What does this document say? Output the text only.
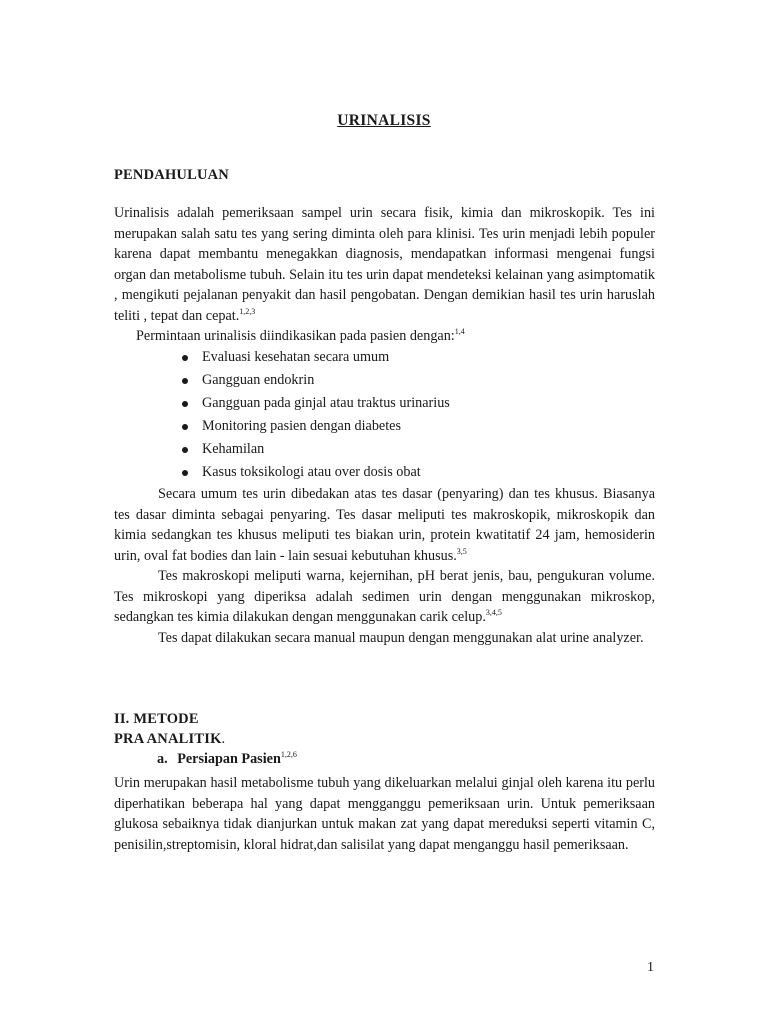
URINALISIS
PENDAHULUAN

Urinalisis adalah pemeriksaan sampel urin secara fisik, kimia dan mikroskopik. Tes ini merupakan salah satu tes yang sering diminta oleh para klinisi. Tes urin menjadi lebih populer karena dapat membantu menegakkan diagnosis, mendapatkan informasi mengenai fungsi organ dan metabolisme tubuh. Selain itu tes urin dapat mendeteksi kelainan yang asimptomatik , mengikuti pejalanan penyakit dan hasil pengobatan. Dengan demikian hasil tes urin haruslah teliti , tepat dan cepat.$^{1,2,3}$

Permintaan urinalisis diindikasikan pada pasien dengan:$^{1,4}$

Evaluasi kesehatan secara umum
Gangguan endokrin
Gangguan pada ginjal atau traktus urinarius
Monitoring pasien dengan diabetes
Kehamilan
Kasus toksikologi atau over dosis obat

Secara umum tes urin dibedakan atas tes dasar (penyaring) dan tes khusus. Biasanya tes dasar diminta sebagai penyaring. Tes dasar meliputi tes makroskopik, mikroskopik dan kimia sedangkan tes khusus meliputi tes biakan urin, protein kwatitatif 24 jam, hemosiderin urin, oval fat bodies dan lain - lain sesuai kebutuhan khusus.$^{3,5}$

Tes makroskopi meliputi warna, kejernihan, pH berat jenis, bau, pengukuran volume. Tes mikroskopi yang diperiksa adalah sedimen urin dengan menggunakan mikroskop, sedangkan tes kimia dilakukan dengan menggunakan carik celup.$^{3,4,5}$

Tes dapat dilakukan secara manual maupun dengan menggunakan alat urine analyzer.

II. METODE
PRA ANALITIK.
a. Persiapan Pasien$^{1,2,6}$

Urin merupakan hasil metabolisme tubuh yang dikeluarkan melalui ginjal oleh karena itu perlu diperhatikan beberapa hal yang dapat mengganggu pemeriksaan urin. Untuk pemeriksaan glukosa sebaiknya tidak dianjurkan untuk makan zat yang dapat mereduksi seperti vitamin C, penisilin,streptomisin, kloral hidrat,dan salisilat yang dapat menganggu hasil pemeriksaan.

1
